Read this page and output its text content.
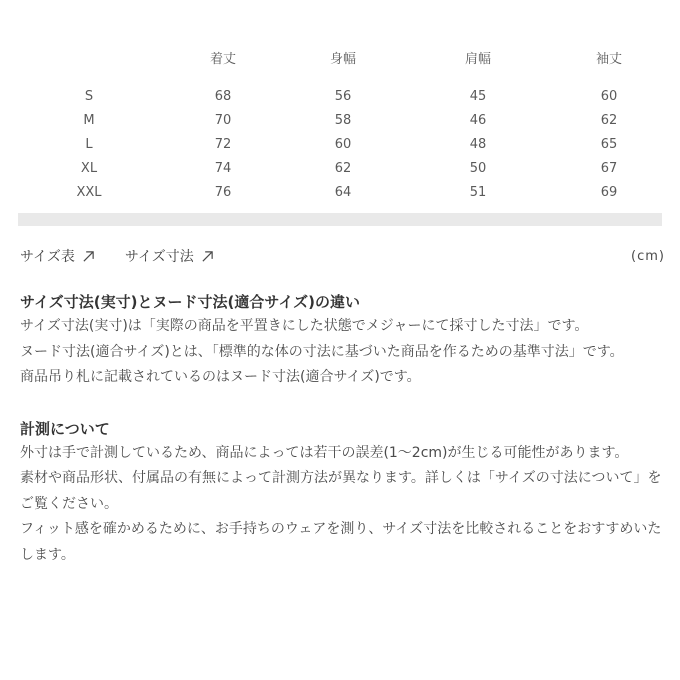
	着丈	身幅	肩幅	袖丈
S	68	56	45	60
M	70	58	46	62
L	72	60	48	65
XL	74	62	50	67
XXL	76	64	51	69
サイズ表	サイズ寸法	(cm)
サイズ寸法(実寸)とヌード寸法(適合サイズ)の違い

サイズ寸法(実寸)は「実際の商品を平置きにした状態でメジャーにて採寸した寸法」です。

ヌード寸法(適合サイズ)とは、「標準的な体の寸法に基づいた商品を作るための基準寸法」です。

商品吊り札に記載されているのはヌード寸法(適合サイズ)です。

計測について

外寸は手で計測しているため、商品によっては若干の誤差(1〜2cm)が生じる可能性があります。

素材や商品形状、付属品の有無によって計測方法が異なります。詳しくは「サイズの寸法について」をご覧ください。

フィット感を確かめるために、お手持ちのウェアを測り、サイズ寸法を比較されることをおすすめいたします。
